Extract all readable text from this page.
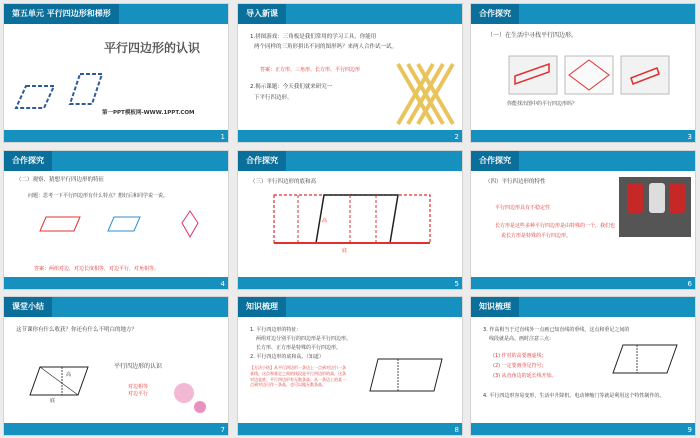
第五单元 平行四边形和梯形
平行四边形的认识
第一PPT模板网-WWW.1PPT.COM
1
导入新课
1.拼图游戏：三角板是我们常用的学习工具，你能用
两个同样的三角形拼出不同的图形吗？来两人合作试一试。
答案：正方形、三角形、长方形、平行四边形
2.揭示课题：今天我们就来研究一
下平行四边形。
2
合作探究
（一）在生活中寻找平行四边形。
你能找出图中的平行四边形吗？
3
合作探究
（二）观察、猜想平行四边形的特征
问题：思考一下平行四边形有什么特点？想好后和同学说一说。
答案：两组对边，对边长度相等，对边平行，对角相等。
4
合作探究
（三）平行四边形的底和高
高
底
5
合作探究
（四）平行四边形的特性
平行四边形具有不稳定性
长方形是这些多种平行四边形是由特殊的一个，我们也
说长方形是特殊的平行四边形。
6
课堂小结
这节课你有什么收获？你还有什么不明白的地方？
高
底
平行四边形的认识
对边相等
对边平行
7
知识梳理
1. 平行四边形的特征：
两组对边分别平行的四边形是平行四边形。
长方形、正方形是特殊的平行四边形。
2. 平行四边形的底和高。（知道）
【方法小结】从平行四边形一条边上一点到对边引一条垂线，这点和垂足之间的线段是平行四边形的高，这条对边是底；平行四边形有无数条高；从一条边上的某一点到对边可作一条高，也可以做无数条高。
8
知识梳理
3. 作高相当于过直线外一点画已知直线的垂线，这点和垂足之间的
线段就是高。画时注意三点：
(1) 作对的高要画虚线；
(2) 一定要画垂足符号；
(3) 从直角边的延长线开始。
4. 平行四边形容易变形，生活中升降机、电动伸缩门等就是利用这个特性制作的。
9
